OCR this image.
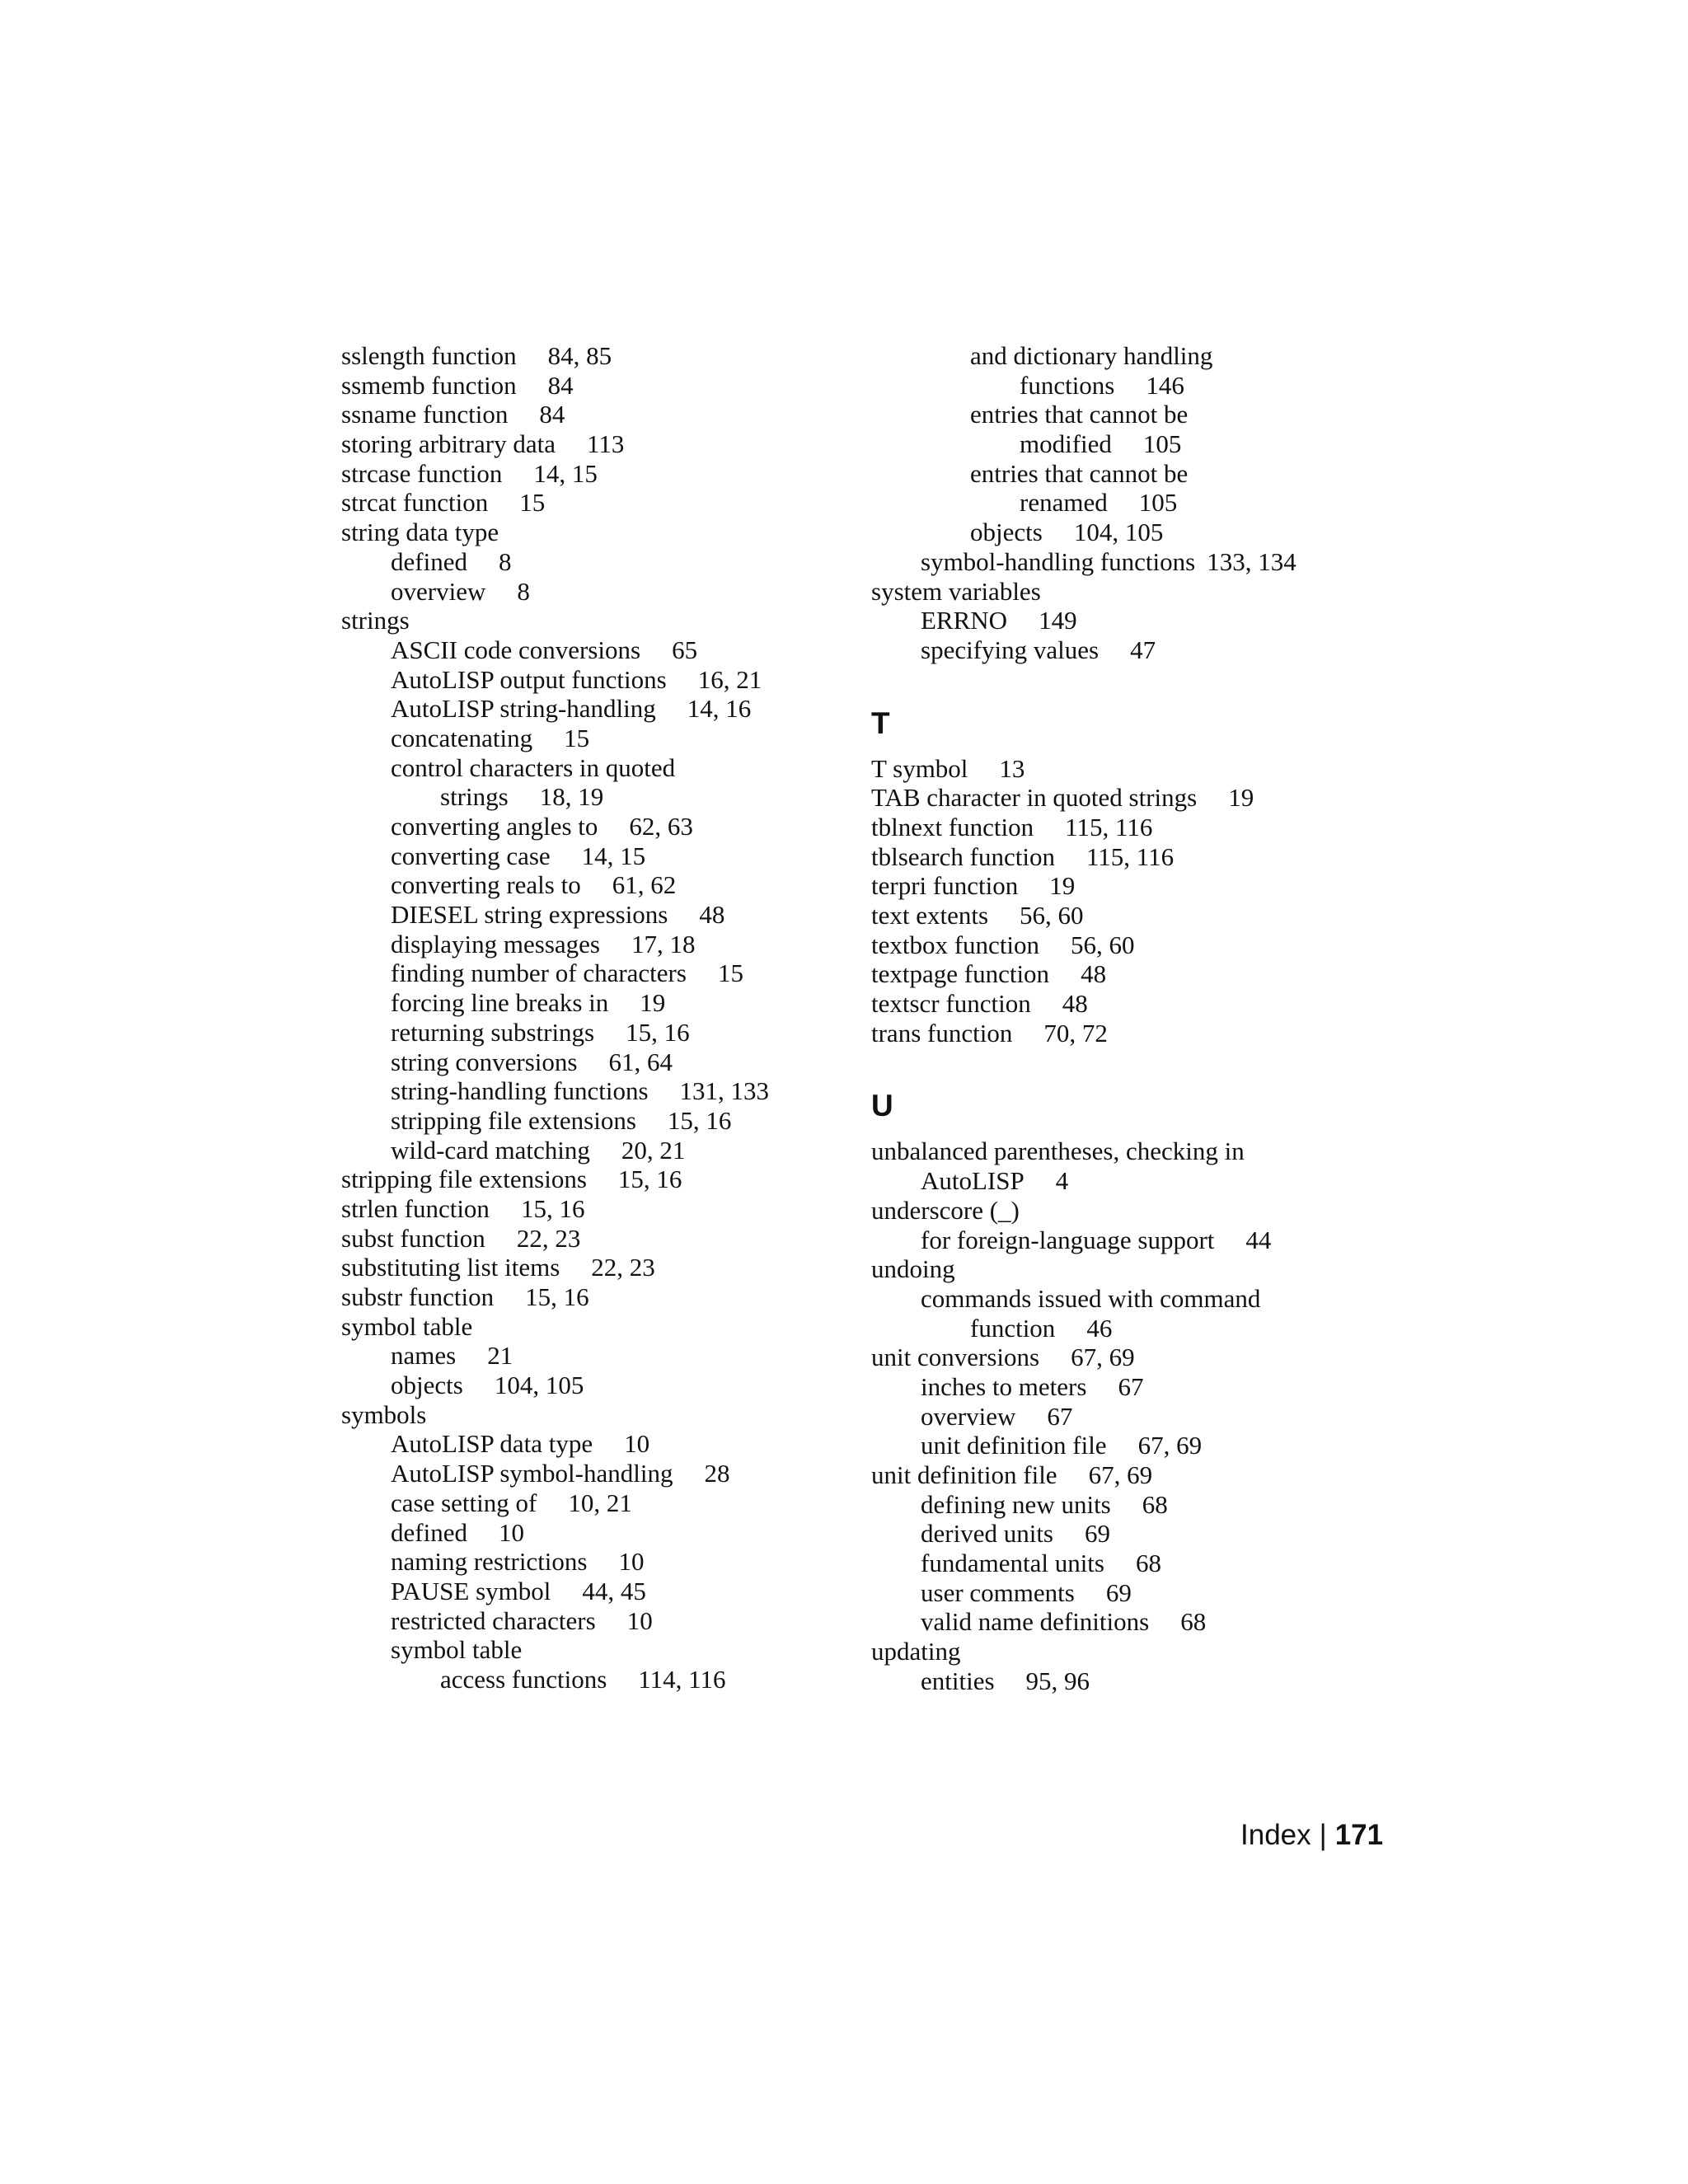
sslength function 84, 85
ssmemb function 84
ssname function 84
storing arbitrary data 113
strcase function 14, 15
strcat function 15
string data type
defined 8
overview 8
strings
ASCII code conversions 65
AutoLISP output functions 16, 21
AutoLISP string-handling 14, 16
concatenating 15
control characters in quoted
strings 18, 19
converting angles to 62, 63
converting case 14, 15
converting reals to 61, 62
DIESEL string expressions 48
displaying messages 17, 18
finding number of characters 15
forcing line breaks in 19
returning substrings 15, 16
string conversions 61, 64
string-handling functions 131, 133
stripping file extensions 15, 16
wild-card matching 20, 21
stripping file extensions 15, 16
strlen function 15, 16
subst function 22, 23
substituting list items 22, 23
substr function 15, 16
symbol table
names 21
objects 104, 105
symbols
AutoLISP data type 10
AutoLISP symbol-handling 28
case setting of 10, 21
defined 10
naming restrictions 10
PAUSE symbol 44, 45
restricted characters 10
symbol table
access functions 114, 116
and dictionary handling
functions 146
entries that cannot be
modified 105
entries that cannot be
renamed 105
objects 104, 105
symbol-handling functions 133, 134
system variables
ERRNO 149
specifying values 47
T
T symbol 13
TAB character in quoted strings 19
tblnext function 115, 116
tblsearch function 115, 116
terpri function 19
text extents 56, 60
textbox function 56, 60
textpage function 48
textscr function 48
trans function 70, 72
U
unbalanced parentheses, checking in
AutoLISP 4
underscore (_)
for foreign-language support 44
undoing
commands issued with command
function 46
unit conversions 67, 69
inches to meters 67
overview 67
unit definition file 67, 69
unit definition file 67, 69
defining new units 68
derived units 69
fundamental units 68
user comments 69
valid name definitions 68
updating
entities 95, 96
Index | 171
